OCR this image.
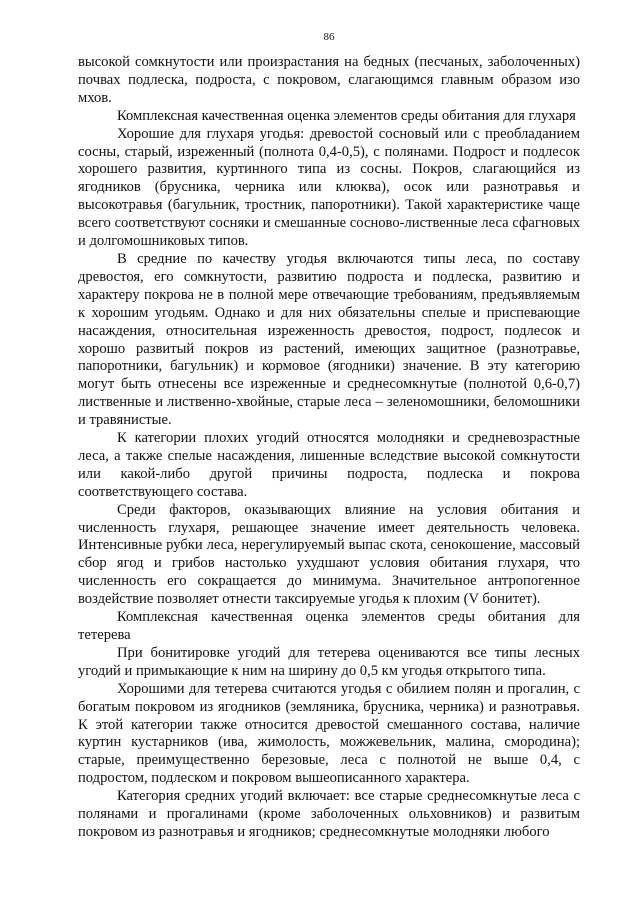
86

высокой сомкнутости или произрастания на бедных (песчаных, заболоченных) почвах подлеска, подроста, с покровом, слагающимся главным образом изо мхов.

Комплексная качественная оценка элементов среды обитания для глухаря

Хорошие для глухаря угодья: древостой сосновый или с преобладанием сосны, старый, изреженный (полнота 0,4-0,5), с полянами. Подрост и подлесок хорошего развития, куртинного типа из сосны. Покров, слагающийся из ягодников (брусника, черника или клюква), осок или разнотравья и высокотравья (багульник, тростник, папоротники). Такой характеристике чаще всего соответствуют сосняки и смешанные сосново-лиственные леса сфагновых и долгомошниковых типов.

В средние по качеству угодья включаются типы леса, по составу древостоя, его сомкнутости, развитию подроста и подлеска, развитию и характеру покрова не в полной мере отвечающие требованиям, предъявляемым к хорошим угодьям. Однако и для них обязательны спелые и приспевающие насаждения, относительная изреженность древостоя, подрост, подлесок и хорошо развитый покров из растений, имеющих защитное (разнотравье, папоротники, багульник) и кормовое (ягодники) значение. В эту категорию могут быть отнесены все изреженные и среднесомкнутые (полнотой 0,6-0,7) лиственные и лиственно-хвойные, старые леса – зеленомошники, беломошники и травянистые.

К категории плохих угодий относятся молодняки и средневозрастные леса, а также спелые насаждения, лишенные вследствие высокой сомкнутости или какой-либо другой причины подроста, подлеска и покрова соответствующего состава.

Среди факторов, оказывающих влияние на условия обитания и численность глухаря, решающее значение имеет деятельность человека. Интенсивные рубки леса, нерегулируемый выпас скота, сенокошение, массовый сбор ягод и грибов настолько ухудшают условия обитания глухаря, что численность его сокращается до минимума. Значительное антропогенное воздействие позволяет отнести таксируемые угодья к плохим (V бонитет).

Комплексная качественная оценка элементов среды обитания для тетерева

При бонитировке угодий для тетерева оцениваются все типы лесных угодий и примыкающие к ним на ширину до 0,5 км угодья открытого типа.

Хорошими для тетерева считаются угодья с обилием полян и прогалин, с богатым покровом из ягодников (земляника, брусника, черника) и разнотравья. К этой категории также относится древостой смешанного состава, наличие куртин кустарников (ива, жимолость, можжевельник, малина, смородина); старые, преимущественно березовые, леса с полнотой не выше 0,4, с подростом, подлеском и покровом вышеописанного характера.

Категория средних угодий включает: все старые среднесомкнутые леса с полянами и прогалинами (кроме заболоченных ольховников) и развитым покровом из разнотравья и ягодников; среднесомкнутые молодняки любого
